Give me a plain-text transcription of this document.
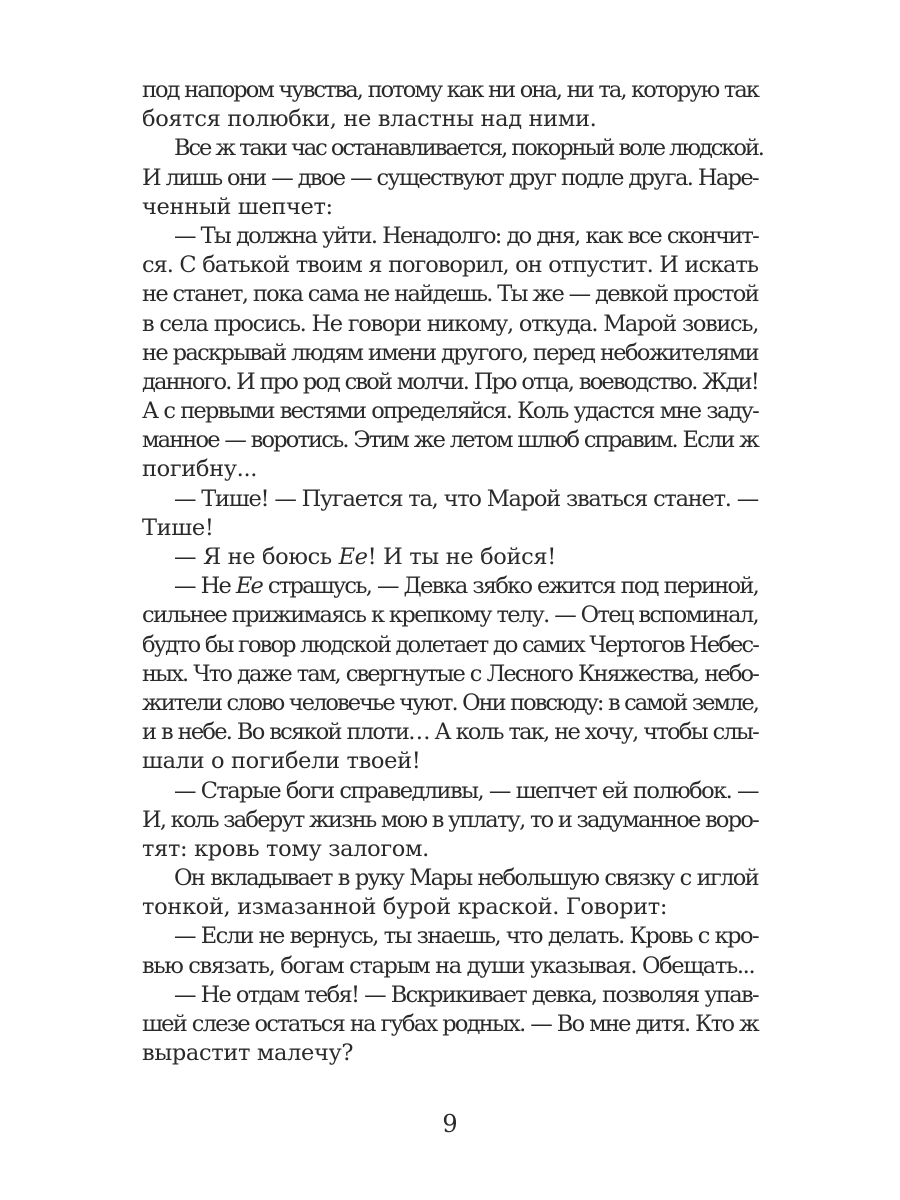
под напором чувства, потому как ни она, ни та, которую так
боятся полюбки, не властны над ними.
Все ж таки час останавливается, покорный воле людской.
И лишь они — двое — существуют друг подле друга. Наре-
ченный шепчет:
— Ты должна уйти. Ненадолго: до дня, как все скончит-
ся. С батькой твоим я поговорил, он отпустит. И искать
не станет, пока сама не найдешь. Ты же — девкой простой
в села просись. Не говори никому, откуда. Марой зовись,
не раскрывай людям имени другого, перед небожителями
данного. И про род свой молчи. Про отца, воеводство. Жди!
А с первыми вестями определяйся. Коль удастся мне заду-
манное — воротись. Этим же летом шлюб справим. Если ж
погибну...
— Тише! — Пугается та, что Марой зваться станет. —
Тише!
— Я не боюсь Ее! И ты не бойся!
— Не Ее страшусь, — Девка зябко ежится под периной,
сильнее прижимаясь к крепкому телу. — Отец вспоминал,
будто бы говор людской долетает до самих Чертогов Небес-
ных. Что даже там, свергнутые с Лесного Княжества, небо-
жители слово человечье чуют. Они повсюду: в самой земле,
и в небе. Во всякой плоти… А коль так, не хочу, чтобы слы-
шали о погибели твоей!
— Старые боги справедливы, — шепчет ей полюбок. —
И, коль заберут жизнь мою в уплату, то и задуманное воро-
тят: кровь тому залогом.
Он вкладывает в руку Мары небольшую связку с иглой
тонкой, измазанной бурой краской. Говорит:
— Если не вернусь, ты знаешь, что делать. Кровь с кро-
вью связать, богам старым на души указывая. Обещать...
— Не отдам тебя! — Вскрикивает девка, позволяя упав-
шей слезе остаться на губах родных. — Во мне дитя. Кто ж
вырастит малечу?
9
